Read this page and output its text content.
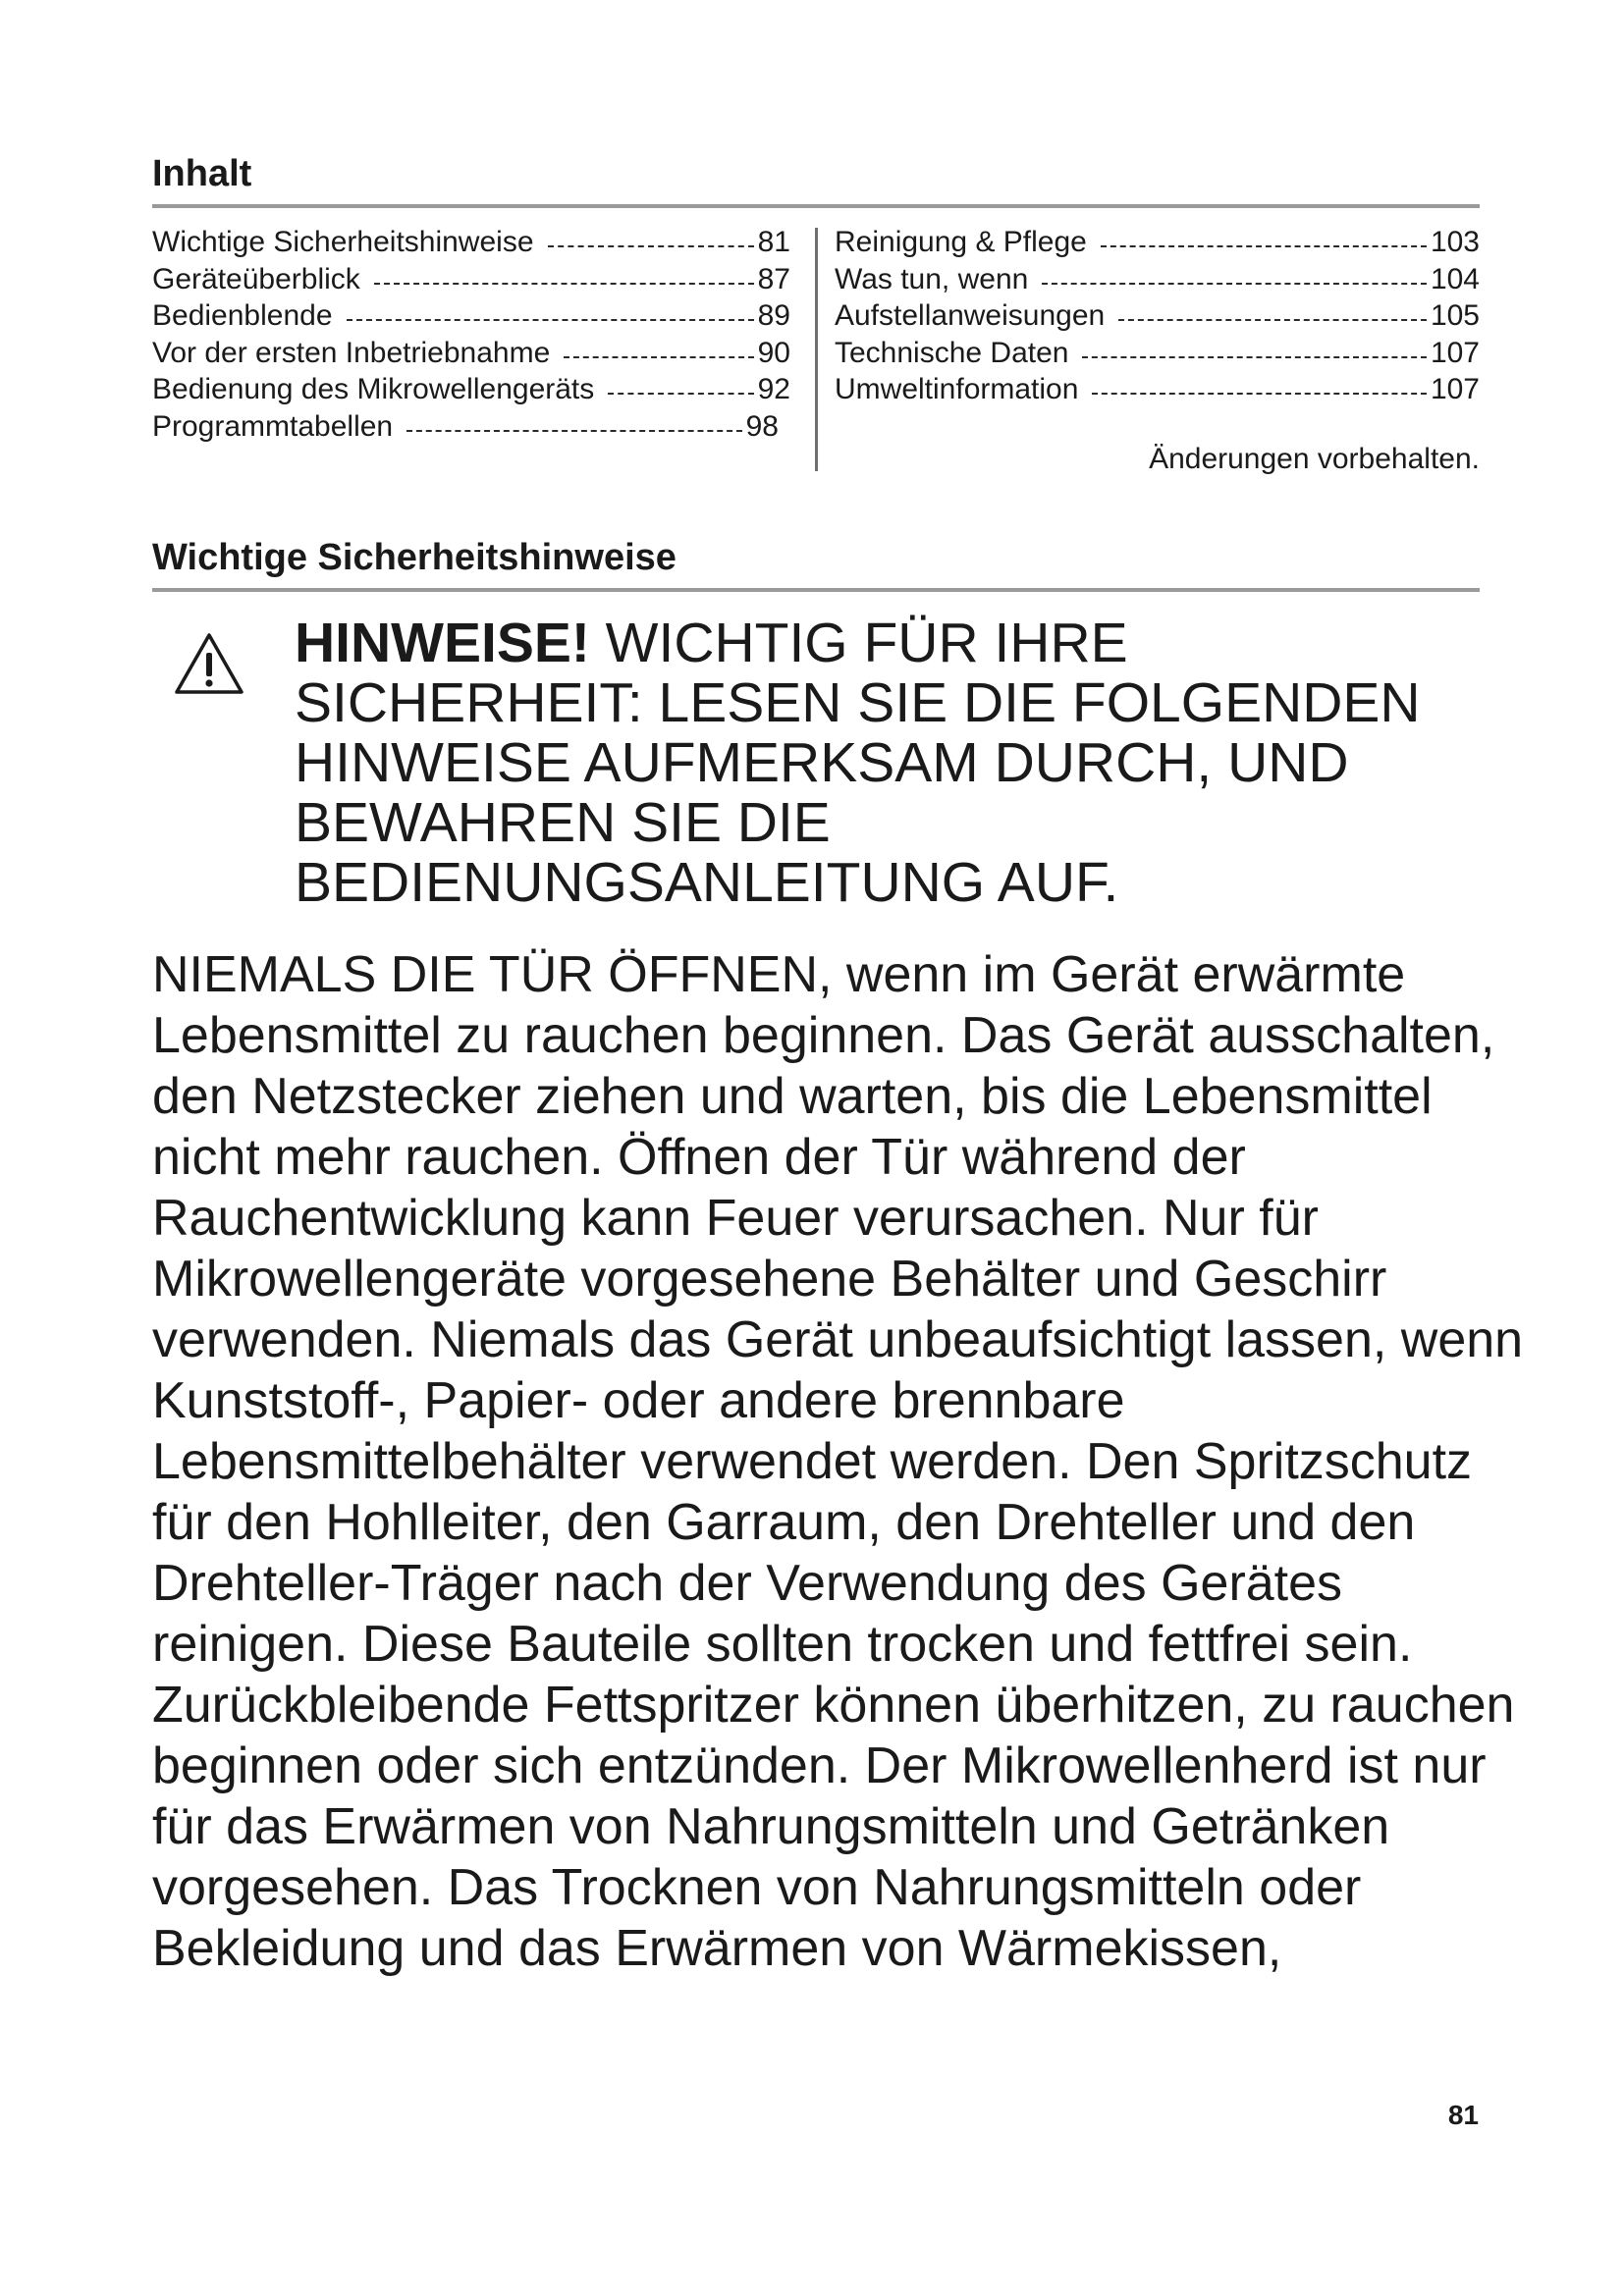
Inhalt
Wichtige Sicherheitshinweise	81
Geräteüberblick	87
Bedienblende	89
Vor der ersten Inbetriebnahme	90
Bedienung des Mikrowellengeräts	92
Programmtabellen	98
Reinigung & Pflege	103
Was tun, wenn	104
Aufstellanweisungen	105
Technische Daten	107
Umweltinformation	107

Änderungen vorbehalten.

Wichtige Sicherheitshinweise

HINWEISE! WICHTIG FÜR IHRE SICHERHEIT: LESEN SIE DIE FOLGENDEN HINWEISE AUFMERKSAM DURCH, UND BEWAHREN SIE DIE BEDIENUNGSANLEITUNG AUF.

NIEMALS DIE TÜR ÖFFNEN, wenn im Gerät erwärmte Lebensmittel zu rauchen beginnen. Das Gerät ausschalten, den Netzstecker ziehen und warten, bis die Lebensmittel nicht mehr rauchen. Öffnen der Tür während der Rauchentwicklung kann Feuer verursachen. Nur für Mikrowellengeräte vorgesehene Behälter und Geschirr verwenden. Niemals das Gerät unbeaufsichtigt lassen, wenn Kunststoff-, Papier- oder andere brennbare Lebensmittelbehälter verwendet werden. Den Spritzschutz für den Hohlleiter, den Garraum, den Drehteller und den Drehteller-Träger nach der Verwendung des Gerätes reinigen. Diese Bauteile sollten trocken und fettfrei sein. Zurückbleibende Fettspritzer können überhitzen, zu rauchen beginnen oder sich entzünden. Der Mikrowellenherd ist nur für das Erwärmen von Nahrungsmitteln und Getränken vorgesehen. Das Trocknen von Nahrungsmitteln oder Bekleidung und das Erwärmen von Wärmekissen,

81
